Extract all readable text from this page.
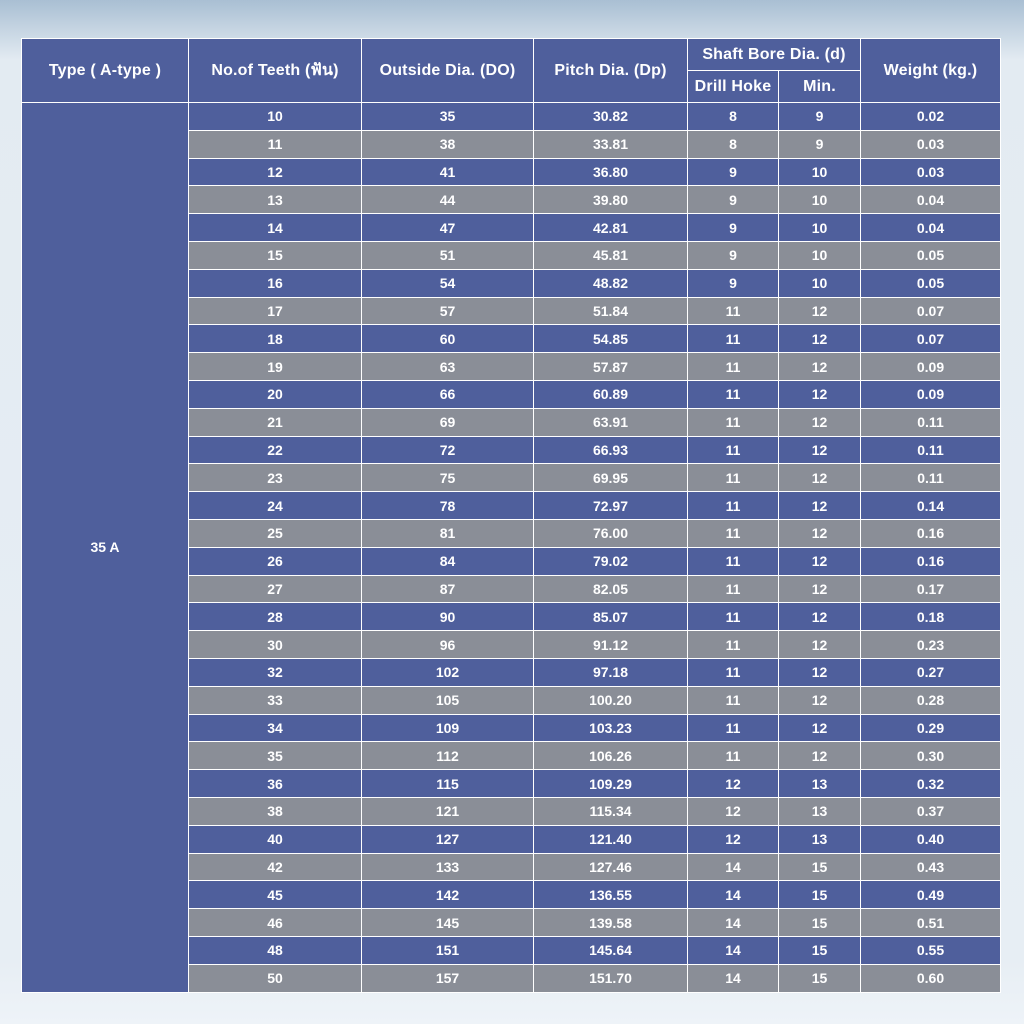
Type ( A-type )	No.of Teeth (ฟัน)	Outside Dia. (DO)	Pitch Dia. (Dp)	Shaft Bore Dia. (d)		Weight (kg.)
				Drill Hoke	Min.	
35 A	10	35	30.82	8	9	0.02
	11	38	33.81	8	9	0.03
	12	41	36.80	9	10	0.03
	13	44	39.80	9	10	0.04
	14	47	42.81	9	10	0.04
	15	51	45.81	9	10	0.05
	16	54	48.82	9	10	0.05
	17	57	51.84	11	12	0.07
	18	60	54.85	11	12	0.07
	19	63	57.87	11	12	0.09
	20	66	60.89	11	12	0.09
	21	69	63.91	11	12	0.11
	22	72	66.93	11	12	0.11
	23	75	69.95	11	12	0.11
	24	78	72.97	11	12	0.14
	25	81	76.00	11	12	0.16
	26	84	79.02	11	12	0.16
	27	87	82.05	11	12	0.17
	28	90	85.07	11	12	0.18
	30	96	91.12	11	12	0.23
	32	102	97.18	11	12	0.27
	33	105	100.20	11	12	0.28
	34	109	103.23	11	12	0.29
	35	112	106.26	11	12	0.30
	36	115	109.29	12	13	0.32
	38	121	115.34	12	13	0.37
	40	127	121.40	12	13	0.40
	42	133	127.46	14	15	0.43
	45	142	136.55	14	15	0.49
	46	145	139.58	14	15	0.51
	48	151	145.64	14	15	0.55
	50	157	151.70	14	15	0.60
